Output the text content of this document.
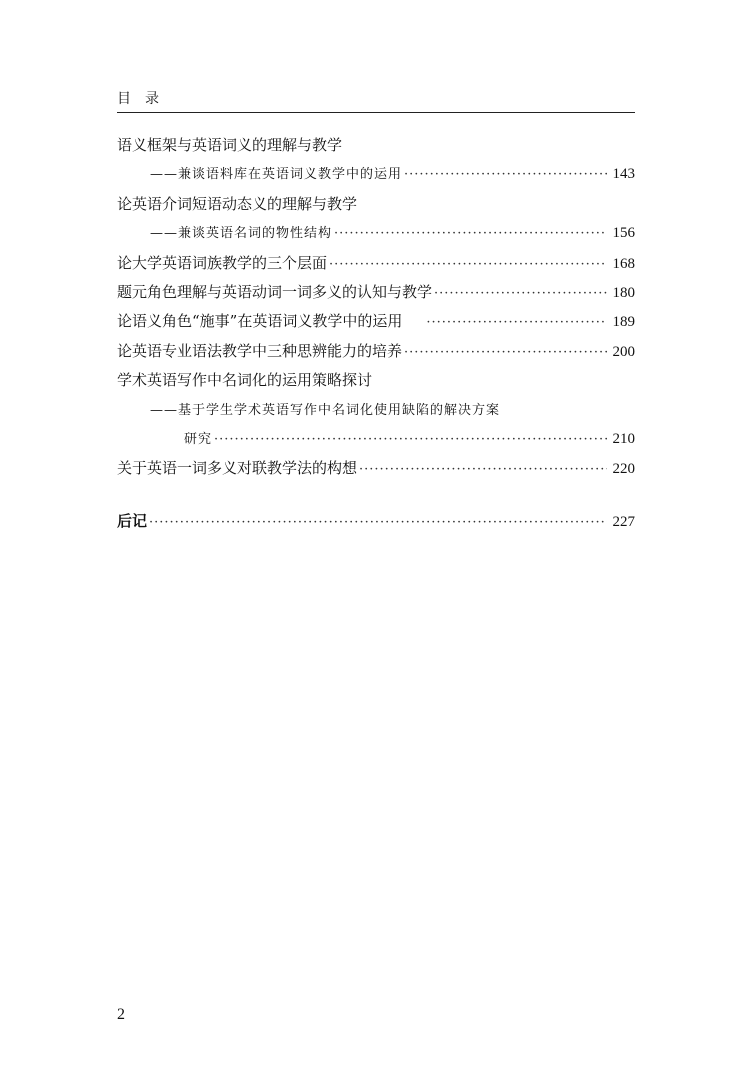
目　录
语义框架与英语词义的理解与教学
——兼谈语料库在英语词义教学中的运用 ·····	143
论英语介词短语动态义的理解与教学
——兼谈英语名词的物性结构 ·····	156
论大学英语词族教学的三个层面 ·····	168
题元角色理解与英语动词一词多义的认知与教学 ·····	180
论语义角色“施事”在英语词义教学中的运用 ·····	189
论英语专业语法教学中三种思辨能力的培养 ·····	200
学术英语写作中名词化的运用策略探讨
——基于学生学术英语写作中名词化使用缺陷的解决方案
研究 ·····	210
关于英语一词多义对联教学法的构想 ·····	220
后记 ·····	227
2
